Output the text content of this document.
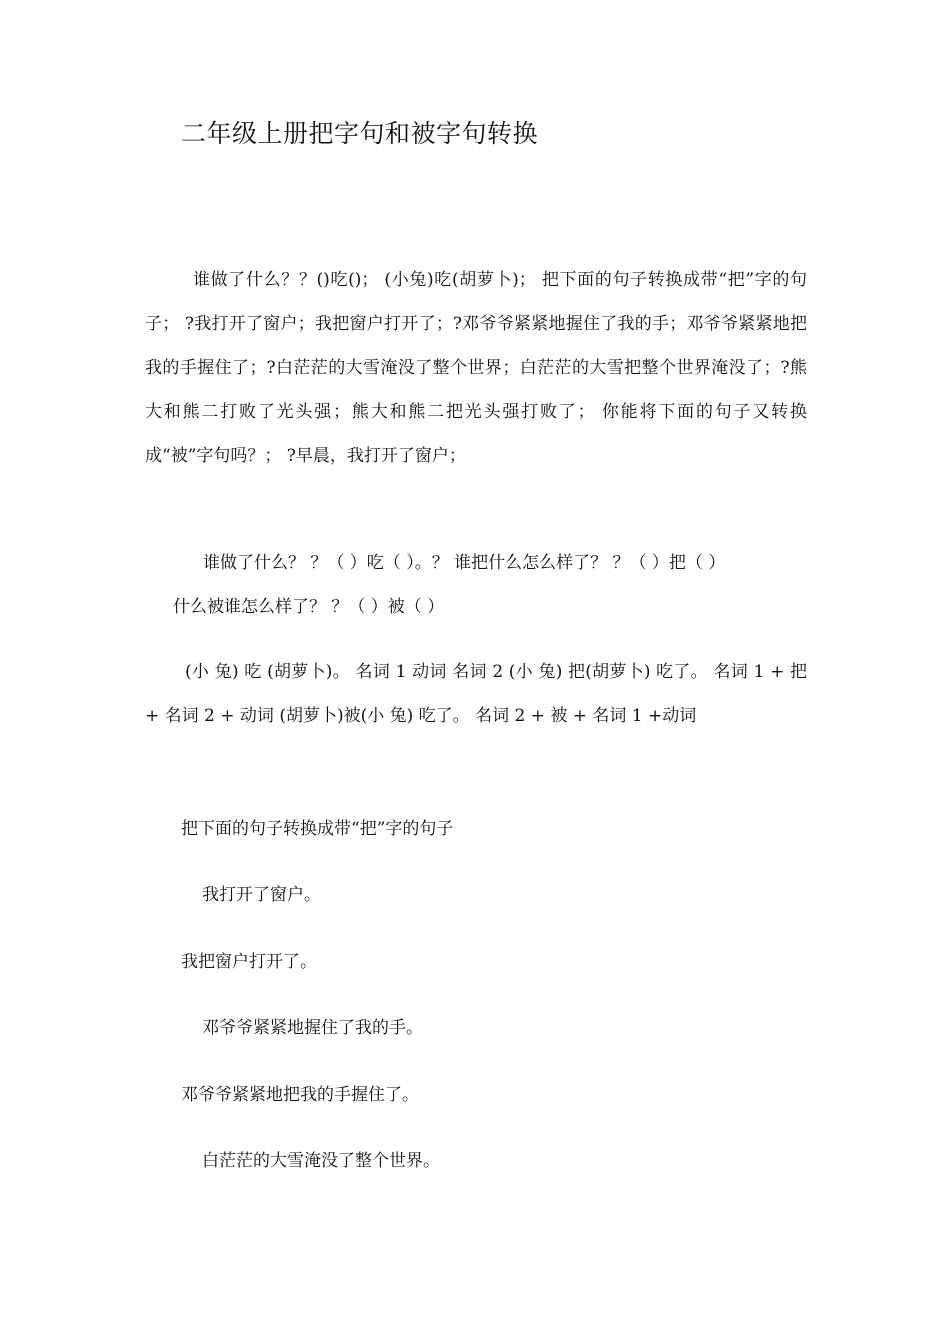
二年级上册把字句和被字句转换

谁做了什么？？()吃()； (小兔)吃(胡萝卜)； 把下面的句子转换成带“把”字的句子； ?我打开了窗户；我把窗户打开了；?邓爷爷紧紧地握住了我的手；邓爷爷紧紧地把我的手握住了；?白茫茫的大雪淹没了整个世界；白茫茫的大雪把整个世界淹没了；?熊大和熊二打败了光头强；熊大和熊二把光头强打败了； 你能将下面的句子又转换成“被”字句吗？； ?早晨，我打开了窗户；

谁做了什么？ ？（ ）吃（ ）。？ 谁把什么怎么样了？ ？（ ）把（ ）
什么被谁怎么样了？ ？（ ）被（ ）

(小 兔) 吃 (胡萝卜)。 名词 1 动词 名词 2 (小 兔) 把(胡萝卜) 吃了。 名词 1 + 把 + 名词 2 + 动词 (胡萝卜)被(小 兔) 吃了。 名词 2 + 被 + 名词 1 +动词

把下面的句子转换成带“把”字的句子
我打开了窗户。
我把窗户打开了。
邓爷爷紧紧地握住了我的手。
邓爷爷紧紧地把我的手握住了。
白茫茫的大雪淹没了整个世界。
